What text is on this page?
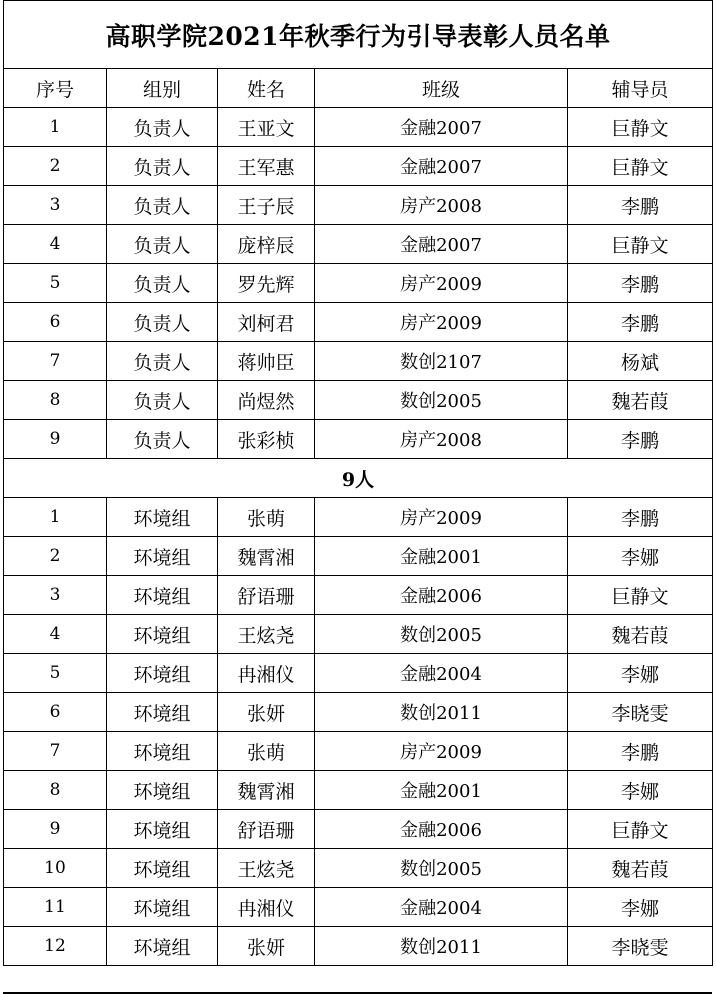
高职学院2021年秋季行为引导表彰人员名单				
序号	组别	姓名	班级	辅导员
1	负责人	王亚文	金融2007	巨静文
2	负责人	王军惠	金融2007	巨静文
3	负责人	王子辰	房产2008	李鹏
4	负责人	庞梓辰	金融2007	巨静文
5	负责人	罗先辉	房产2009	李鹏
6	负责人	刘柯君	房产2009	李鹏
7	负责人	蒋帅臣	数创2107	杨斌
8	负责人	尚煜然	数创2005	魏若葭
9	负责人	张彩桢	房产2008	李鹏
9人				
1	环境组	张萌	房产2009	李鹏
2	环境组	魏霄湘	金融2001	李娜
3	环境组	舒语珊	金融2006	巨静文
4	环境组	王炫尧	数创2005	魏若葭
5	环境组	冉湘仪	金融2004	李娜
6	环境组	张妍	数创2011	李晓雯
7	环境组	张萌	房产2009	李鹏
8	环境组	魏霄湘	金融2001	李娜
9	环境组	舒语珊	金融2006	巨静文
10	环境组	王炫尧	数创2005	魏若葭
11	环境组	冉湘仪	金融2004	李娜
12	环境组	张妍	数创2011	李晓雯
